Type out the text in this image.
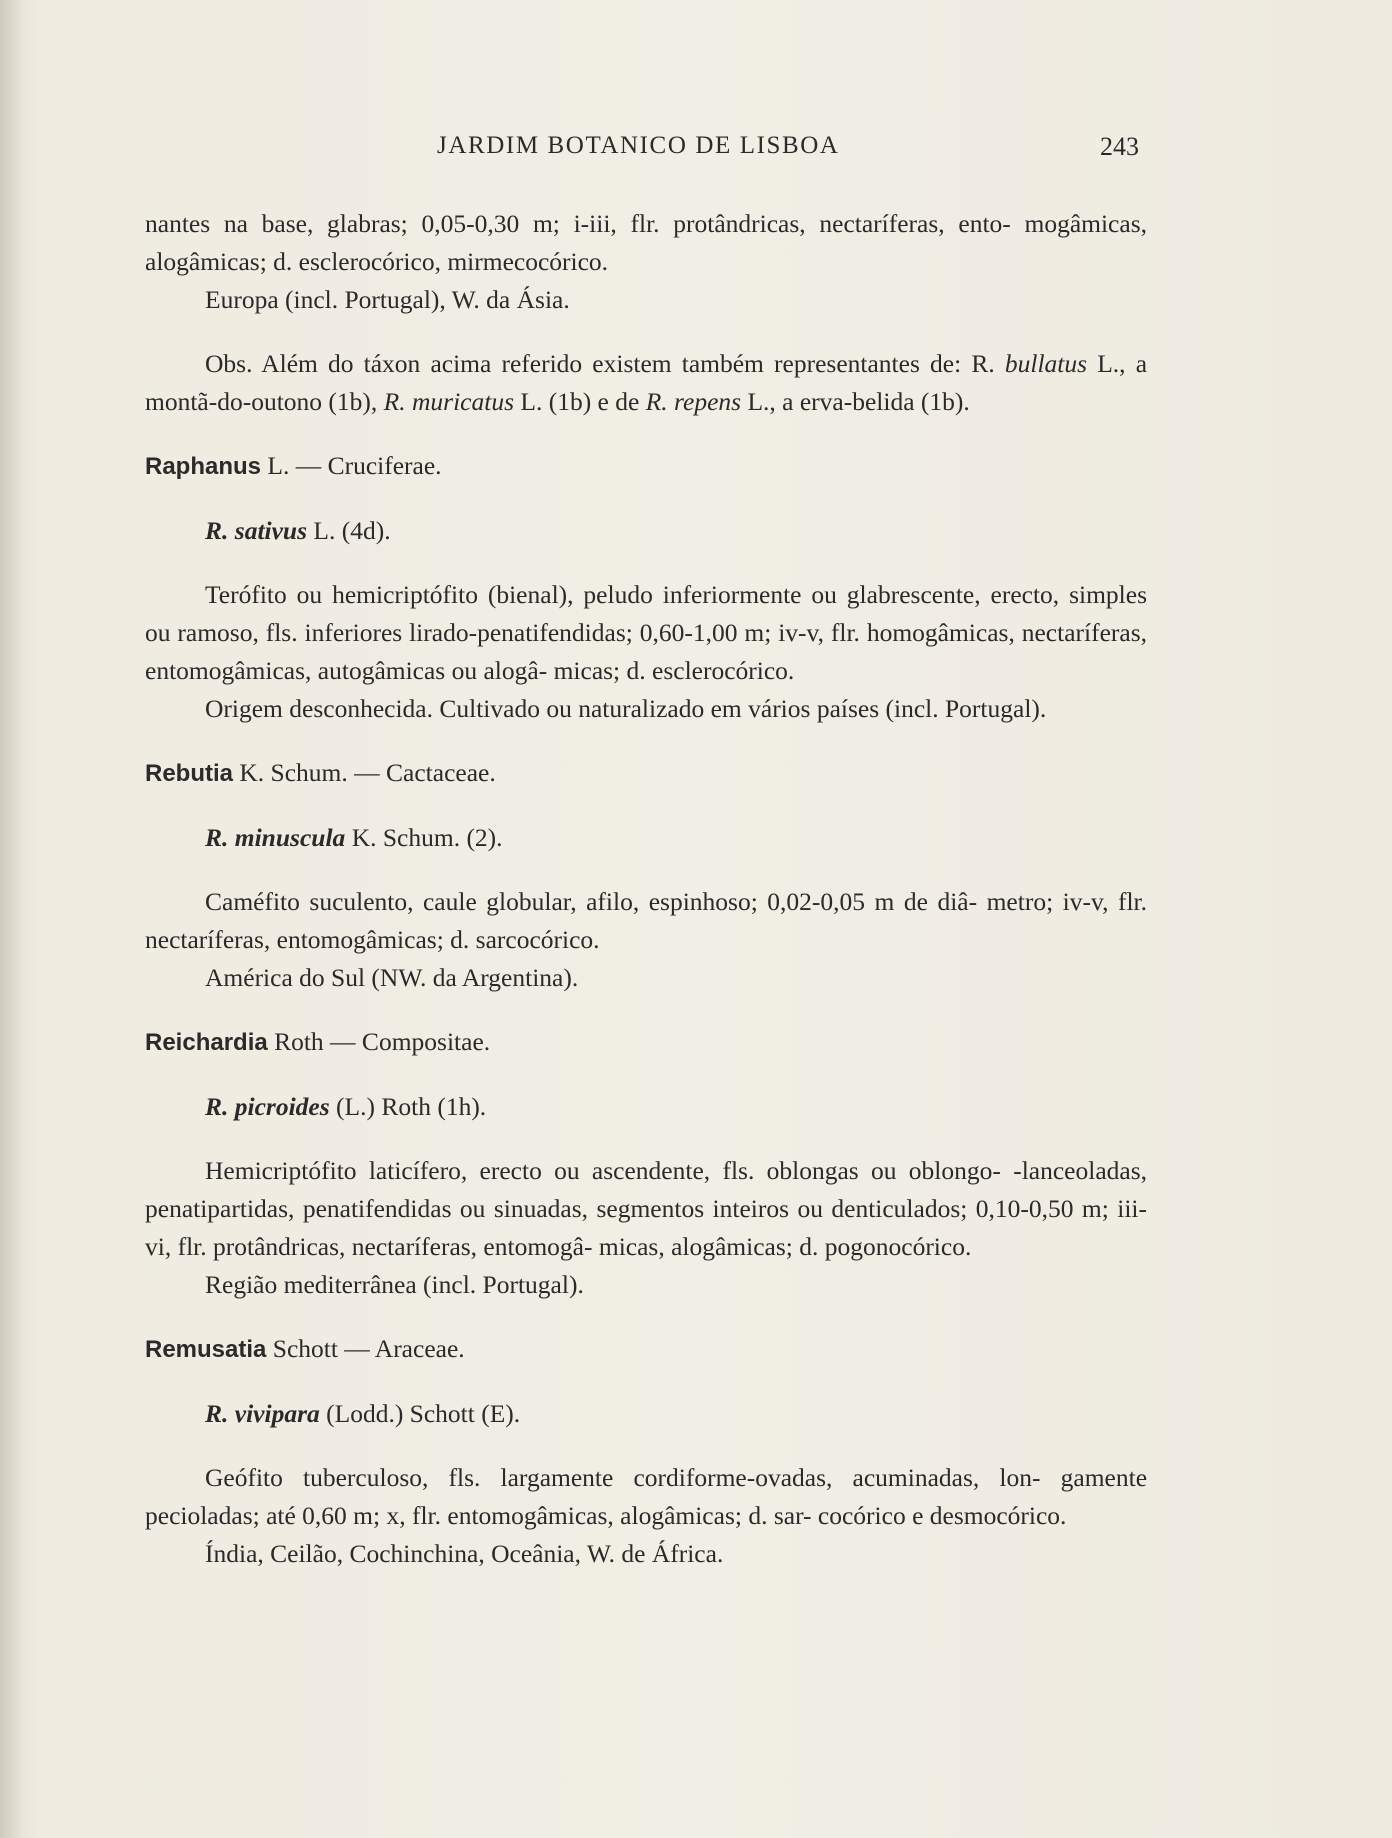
JARDIM BOTANICO DE LISBOA	243

nantes na base, glabras; 0,05-0,30 m; i-iii, flr. protândricas, nectaríferas, ento- mogâmicas, alogâmicas; d. esclerocórico, mirmecocórico.

Europa (incl. Portugal), W. da Ásia.

Obs. Além do táxon acima referido existem também representantes de: R. bullatus L., a montã-do-outono (1b), R. muricatus L. (1b) e de R. repens L., a erva-belida (1b).

Raphanus L. — Cruciferae.

R. sativus L. (4d).

Terófito ou hemicriptófito (bienal), peludo inferiormente ou glabrescente, erecto, simples ou ramoso, fls. inferiores lirado-penatifendidas; 0,60-1,00 m; iv-v, flr. homogâmicas, nectaríferas, entomogâmicas, autogâmicas ou alogâ- micas; d. esclerocórico.

Origem desconhecida. Cultivado ou naturalizado em vários países (incl. Portugal).

Rebutia K. Schum. — Cactaceae.

R. minuscula K. Schum. (2).

Caméfito suculento, caule globular, afilo, espinhoso; 0,02-0,05 m de diâ- metro; iv-v, flr. nectaríferas, entomogâmicas; d. sarcocórico.

América do Sul (NW. da Argentina).

Reichardia Roth — Compositae.

R. picroides (L.) Roth (1h).

Hemicriptófito laticífero, erecto ou ascendente, fls. oblongas ou oblongo- -lanceoladas, penatipartidas, penatifendidas ou sinuadas, segmentos inteiros ou denticulados; 0,10-0,50 m; iii-vi, flr. protândricas, nectaríferas, entomogâ- micas, alogâmicas; d. pogonocórico.

Região mediterrânea (incl. Portugal).

Remusatia Schott — Araceae.

R. vivipara (Lodd.) Schott (E).

Geófito tuberculoso, fls. largamente cordiforme-ovadas, acuminadas, lon- gamente pecioladas; até 0,60 m; x, flr. entomogâmicas, alogâmicas; d. sar- cocórico e desmocórico.

Índia, Ceilão, Cochinchina, Oceânia, W. de África.
